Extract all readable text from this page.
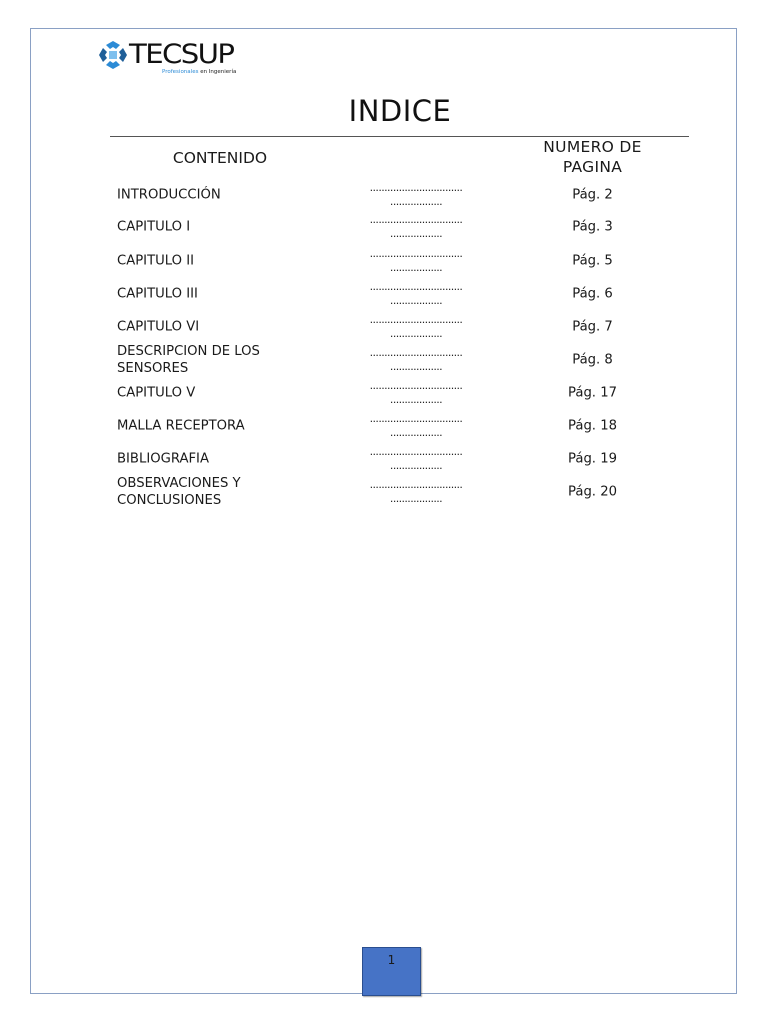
TECSUP
Profesionales en Ingeniería
INDICE
CONTENIDO
NUMERO DE PAGINA
INTRODUCCIÓN	................................
..................	Pág. 2
CAPITULO I	................................
..................	Pág. 3
CAPITULO II	................................
..................	Pág. 5
CAPITULO III	................................
..................	Pág. 6
CAPITULO VI	................................
..................	Pág. 7
DESCRIPCION DE LOS SENSORES
................................
..................	Pág. 8
CAPITULO V	................................
..................	Pág. 17
MALLA RECEPTORA	................................
..................	Pág. 18
BIBLIOGRAFIA	................................
..................	Pág. 19
OBSERVACIONES Y CONCLUSIONES
................................
..................	Pág. 20
1
